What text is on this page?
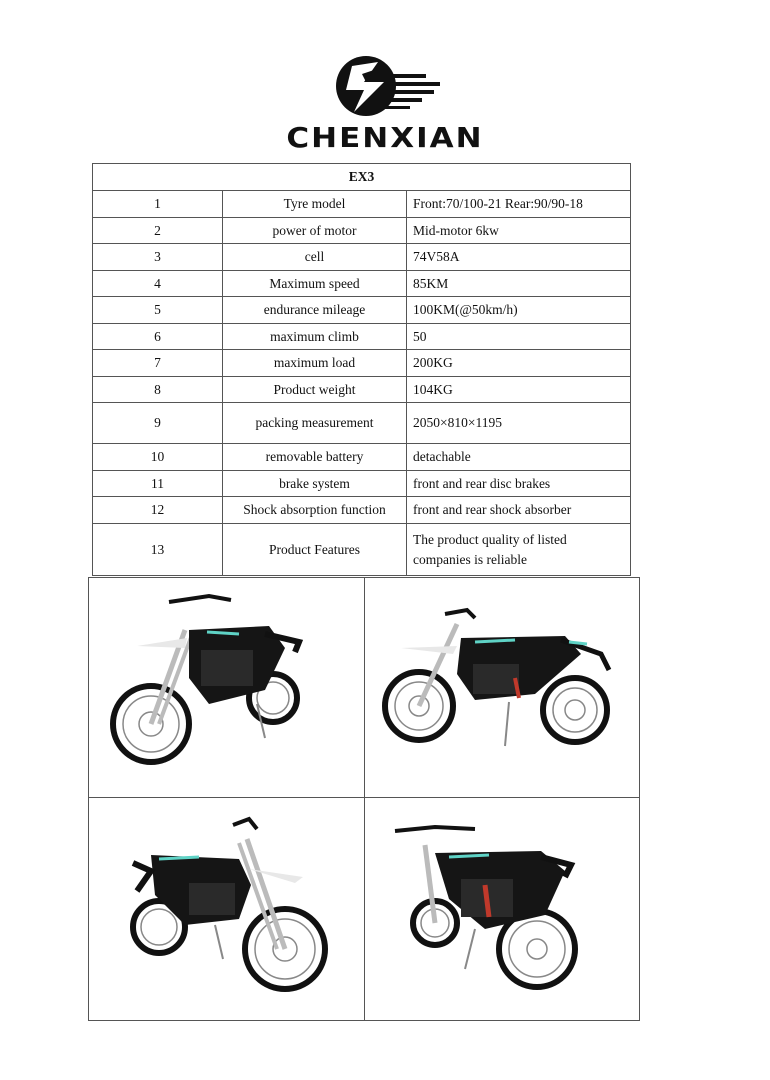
CHENXIAN
EX3		
1	Tyre model	Front:70/100-21 Rear:90/90-18
2	power of motor	Mid-motor 6kw
3	cell	74V58A
4	Maximum speed	85KM
5	endurance mileage	100KM(@50km/h)
6	maximum climb	50
7	maximum load	200KG
8	Product weight	104KG
9	packing measurement	2050×810×1195
10	removable battery	detachable
11	brake system	front and rear disc brakes
12	Shock absorption function	front and rear shock absorber
13	Product Features	The product quality of listed companies is reliable
